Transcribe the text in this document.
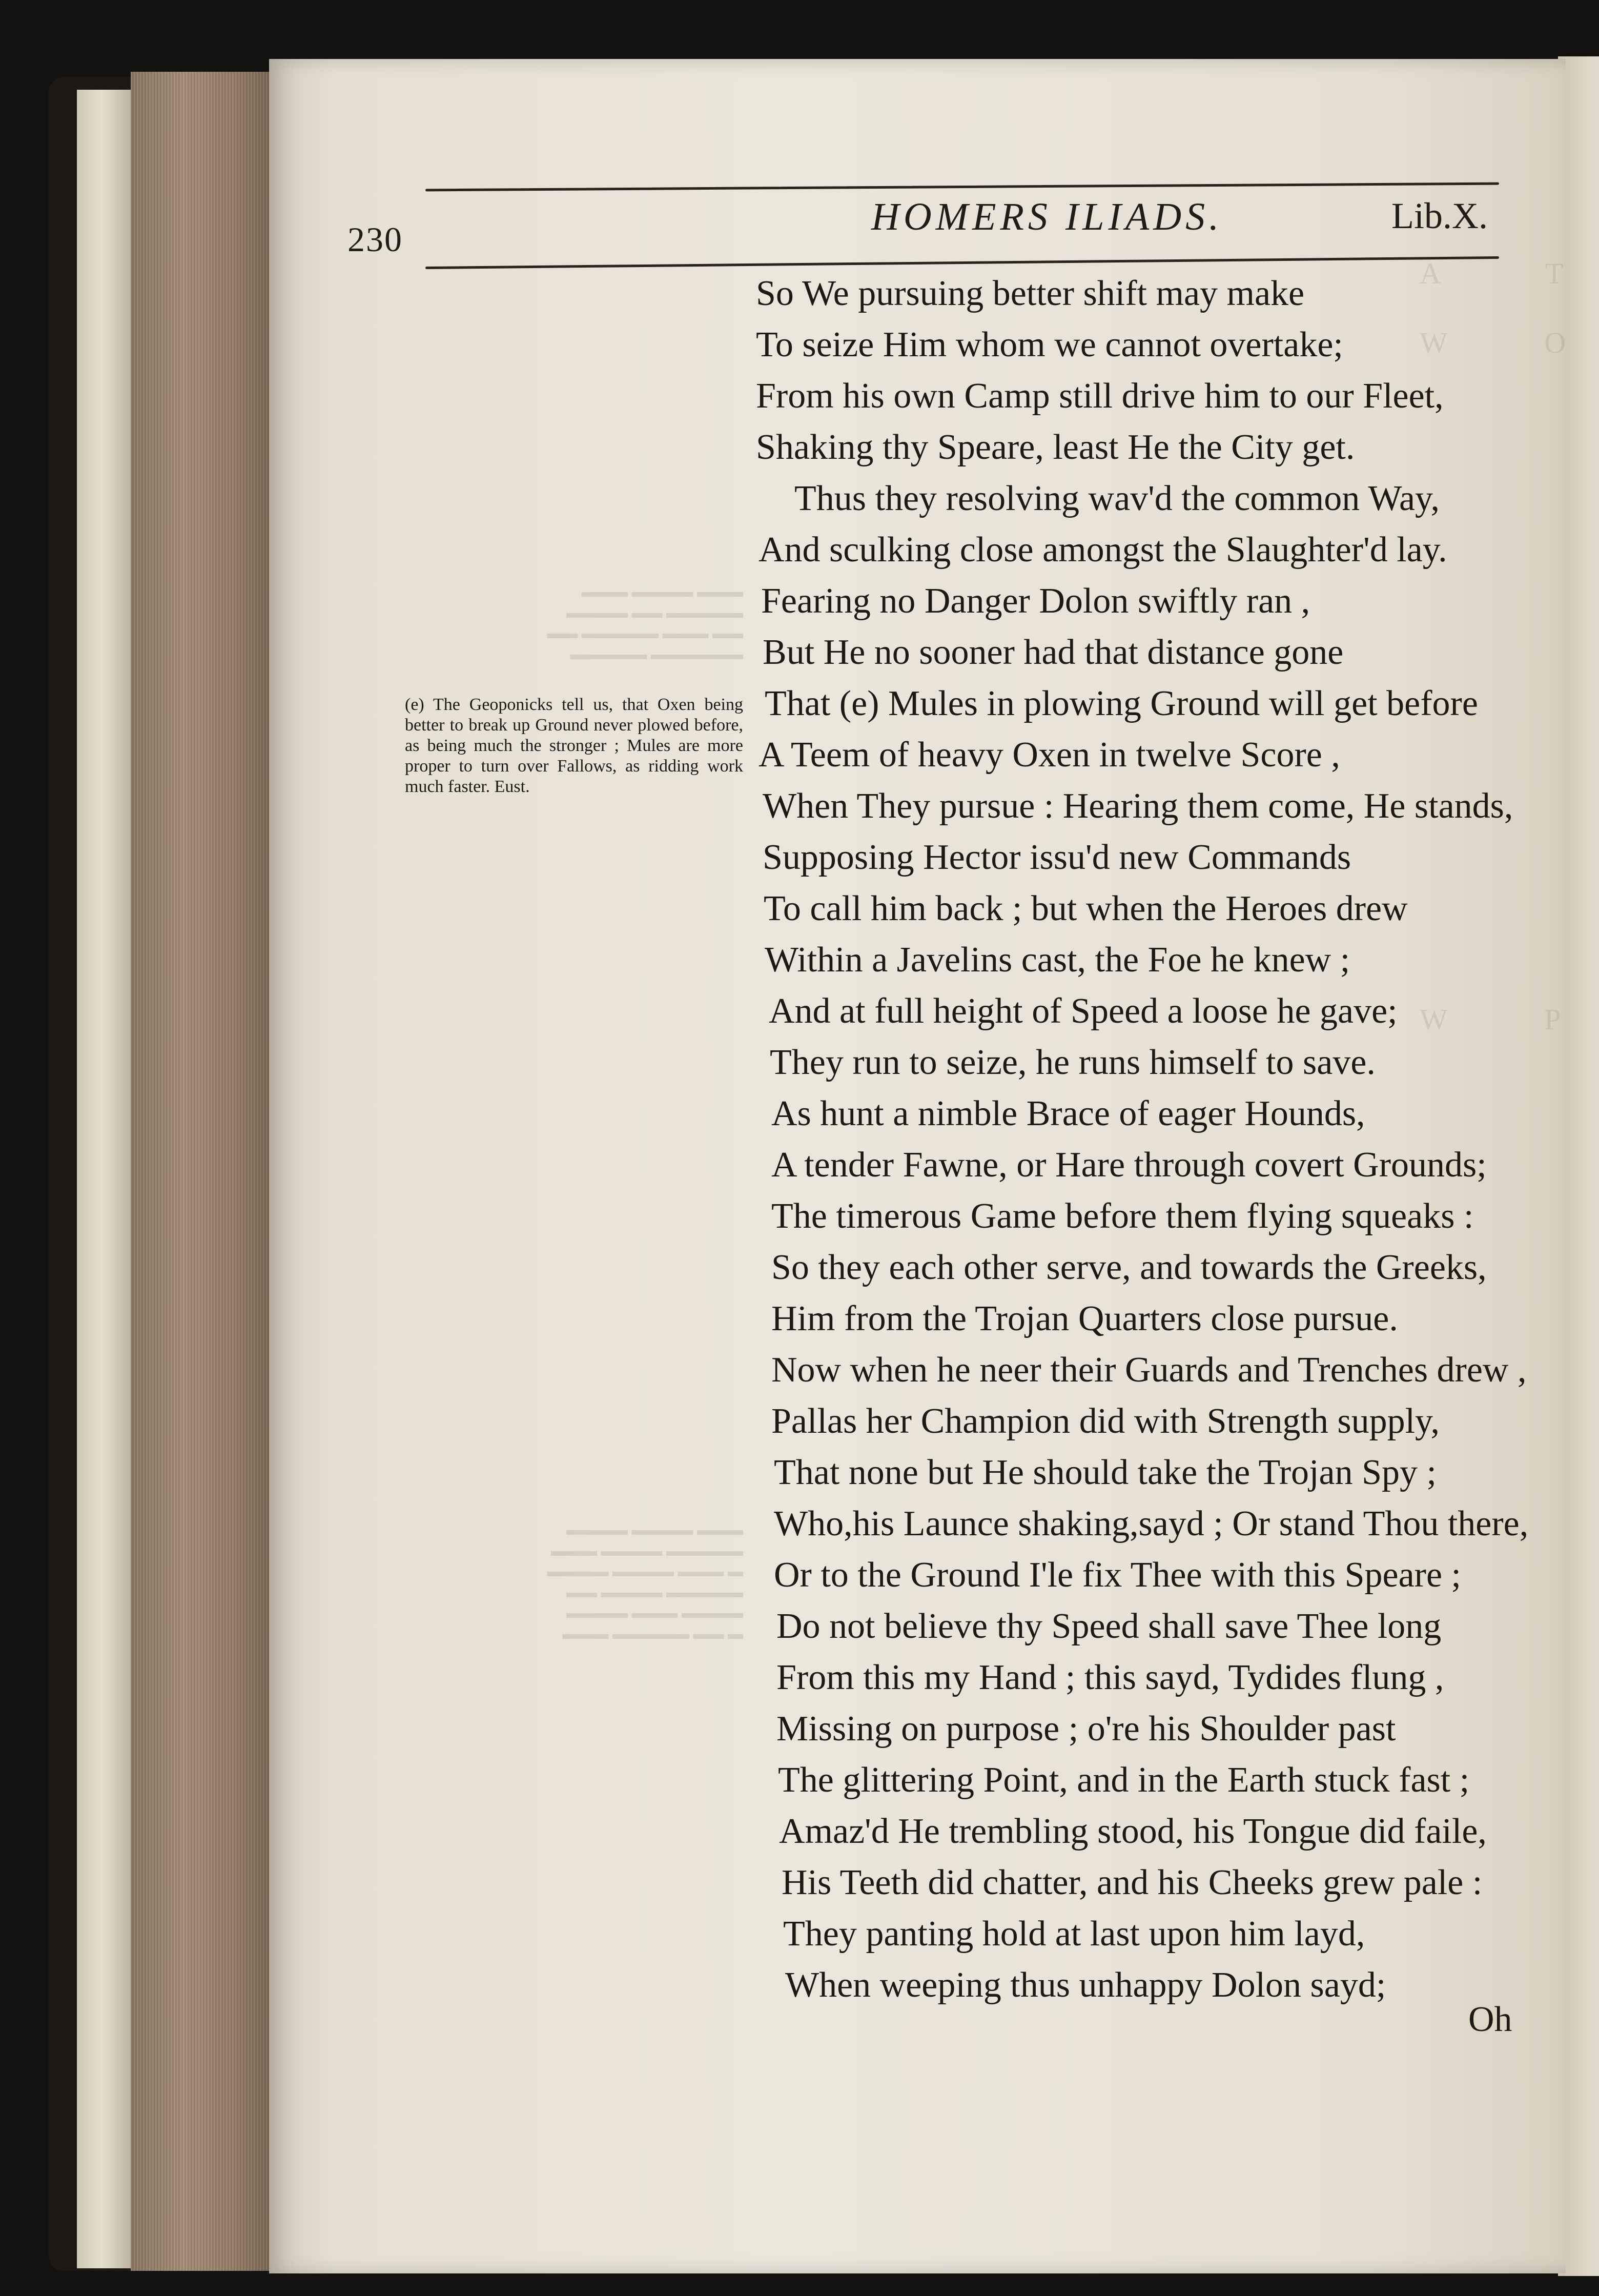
A              T
W             O
W             P
▬▬▬ ▬▬▬▬ ▬▬▬
▬▬▬▬ ▬▬ ▬▬▬▬▬
▬▬ ▬▬▬▬▬ ▬▬▬ ▬▬
▬▬▬▬▬ ▬▬▬▬▬▬
▬▬▬▬ ▬▬▬▬ ▬▬▬
▬▬▬ ▬▬▬▬ ▬▬▬▬▬
▬▬▬▬ ▬▬▬▬ ▬▬▬ ▬
▬▬ ▬▬▬▬ ▬▬▬▬▬
▬▬▬▬ ▬▬▬ ▬▬▬▬
▬▬▬ ▬▬▬▬▬ ▬▬ ▬
230
HOMERS ILIADS.	Lib.X.
(e) The Geoponicks tell us, that Oxen being better to break up Ground never plowed before, as being much the stronger ; Mules are more proper to turn over Fallows, as ridding work much faster. Eust.
So We pursuing better shift may make
To seize Him whom we cannot overtake;
From his own Camp still drive him to our Fleet,
Shaking thy Speare, least He the City get.
Thus they resolving wav'd the common Way,
And sculking close amongst the Slaughter'd lay.
Fearing no Danger Dolon swiftly ran ,
But He no sooner had that distance gone
That (e) Mules in plowing Ground will get before
A Teem of heavy Oxen in twelve Score ,
When They pursue : Hearing them come, He stands,
Supposing Hector issu'd new Commands
To call him back ; but when the Heroes drew
Within a Javelins cast, the Foe he knew ;
And at full height of Speed a loose he gave;
They run to seize, he runs himself to save.
As hunt a nimble Brace of eager Hounds,
A tender Fawne, or Hare through covert Grounds;
The timerous Game before them flying squeaks :
So they each other serve, and towards the Greeks,
Him from the Trojan Quarters close pursue.
Now when he neer their Guards and Trenches drew ,
Pallas her Champion did with Strength supply,
That none but He should take the Trojan Spy ;
Who,his Launce shaking,sayd ; Or stand Thou there,
Or to the Ground I'le fix Thee with this Speare ;
Do not believe thy Speed shall save Thee long
From this my Hand ; this sayd, Tydides flung ,
Missing on purpose ; o're his Shoulder past
The glittering Point, and in the Earth stuck fast ;
Amaz'd He trembling stood, his Tongue did faile,
His Teeth did chatter, and his Cheeks grew pale :
They panting hold at last upon him layd,
When weeping thus unhappy Dolon sayd;
Oh
